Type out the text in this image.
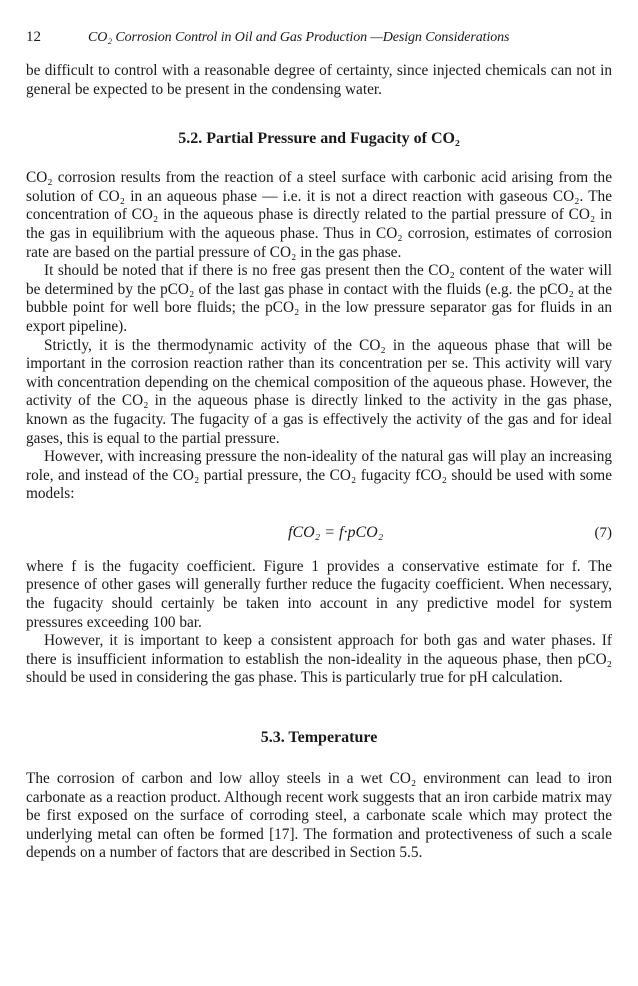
12	CO₂ Corrosion Control in Oil and Gas Production —Design Considerations

be difficult to control with a reasonable degree of certainty, since injected chemicals can not in general be expected to be present in the condensing water.

5.2. Partial Pressure and Fugacity of CO₂

CO₂ corrosion results from the reaction of a steel surface with carbonic acid arising from the solution of CO₂ in an aqueous phase — i.e. it is not a direct reaction with gaseous CO₂. The concentration of CO₂ in the aqueous phase is directly related to the partial pressure of CO₂ in the gas in equilibrium with the aqueous phase. Thus in CO₂ corrosion, estimates of corrosion rate are based on the partial pressure of CO₂ in the gas phase.

It should be noted that if there is no free gas present then the CO₂ content of the water will be determined by the pCO₂ of the last gas phase in contact with the fluids (e.g. the pCO₂ at the bubble point for well bore fluids; the pCO₂ in the low pressure separator gas for fluids in an export pipeline).

Strictly, it is the thermodynamic activity of the CO₂ in the aqueous phase that will be important in the corrosion reaction rather than its concentration per se. This activity will vary with concentration depending on the chemical composition of the aqueous phase. However, the activity of the CO₂ in the aqueous phase is directly linked to the activity in the gas phase, known as the fugacity. The fugacity of a gas is effectively the activity of the gas and for ideal gases, this is equal to the partial pressure.

However, with increasing pressure the non-ideality of the natural gas will play an increasing role, and instead of the CO₂ partial pressure, the CO₂ fugacity fCO₂ should be used with some models:

fCO₂ = f·pCO₂	(7)

where f is the fugacity coefficient. Figure 1 provides a conservative estimate for f. The presence of other gases will generally further reduce the fugacity coefficient. When necessary, the fugacity should certainly be taken into account in any predictive model for system pressures exceeding 100 bar.

However, it is important to keep a consistent approach for both gas and water phases. If there is insufficient information to establish the non-ideality in the aqueous phase, then pCO₂ should be used in considering the gas phase. This is particularly true for pH calculation.

5.3. Temperature

The corrosion of carbon and low alloy steels in a wet CO₂ environment can lead to iron carbonate as a reaction product. Although recent work suggests that an iron carbide matrix may be first exposed on the surface of corroding steel, a carbonate scale which may protect the underlying metal can often be formed [17]. The formation and protectiveness of such a scale depends on a number of factors that are described in Section 5.5.
